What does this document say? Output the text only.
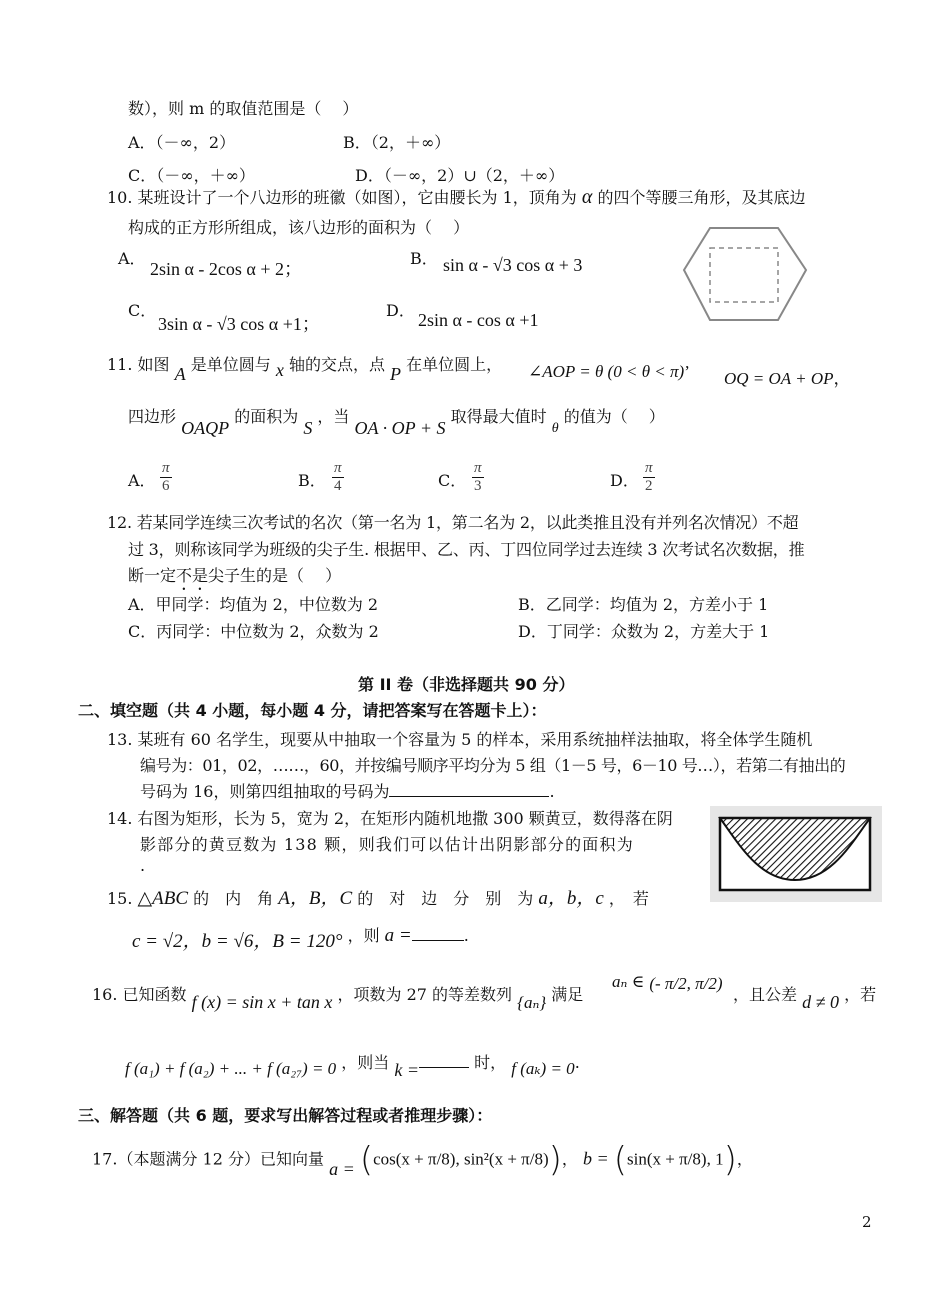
数），则 m 的取值范围是（　 ）
A．（－∞，2）	B．（2，＋∞）
C．（－∞，＋∞）	D．（－∞，2）∪（2，＋∞）
10. 某班设计了一个八边形的班徽（如图），它由腰长为 1，顶角为 α 的四个等腰三角形，及其底边
构成的正方形所组成，该八边形的面积为（　 ）
A．
2sin α - 2cos α + 2；
B． sin α - √3 cos α + 3
C．
3sin α - √3 cos α +1；
D． 2sin α - cos α +1
11. 如图 A 是单位圆与 x 轴的交点，点 P 在单位圆上， ∠AOP = θ (0 < θ < π)’ OQ = OA + OP，
四边形 OAQP 的面积为 S ，当 OA · OP + S 取得最大值时 θ 的值为（　 ）
A． $\frac{\pi}{6}$	B． $\frac{\pi}{4}$	C． $\frac{\pi}{3}$	D． $\frac{\pi}{2}$
12. 若某同学连续三次考试的名次（第一名为 1，第二名为 2，以此类推且没有并列名次情况）不超
过 3，则称该同学为班级的尖子生. 根据甲、乙、丙、丁四位同学过去连续 3 次考试名次数据，推
断一定不是尖子生的是（　 ）
A．甲同学：均值为 2，中位数为 2	B．乙同学：均值为 2，方差小于 1
C．丙同学：中位数为 2，众数为 2	D．丁同学：众数为 2，方差大于 1
第 II 卷（非选择题共 90 分）
二、填空题（共 4 小题，每小题 4 分，请把答案写在答题卡上）：
13. 某班有 60 名学生，现要从中抽取一个容量为 5 的样本，采用系统抽样法抽取，将全体学生随机
编号为：01，02，……，60，并按编号顺序平均分为 5 组（1－5 号，6－10 号…），若第二有抽出的
号码为 16，则第四组抽取的号码为	.
14. 右图为矩形，长为 5，宽为 2，在矩形内随机地撒 300 颗黄豆，数得落在阴
影部分的黄豆数为 138 颗，则我们可以估计出阴影部分的面积为
.
15. △ABC 的　内　角 A，B，C 的　对　边　分　别　为 a，b，c ，　若
c = √2，b = √6，B = 120° ，则 a =	.
16. 已知函数 f (x) = sin x + tan x ，项数为 27 的等差数列 {aₙ} 满足
aₙ ∈ (- π/2, π/2)
，且公差 d ≠ 0 ，若
f (a₁) + f (a₂) + ... + f (a₂₇) = 0 ，则当 k =	时， f (aₖ) = 0.
三、解答题（共 6 题，要求写出解答过程或者推理步骤）：
17.（本题满分 12 分）已知向量 a = (cos(x + π/8), sin²(x + π/8))， b = (sin(x + π/8), 1)，
2
